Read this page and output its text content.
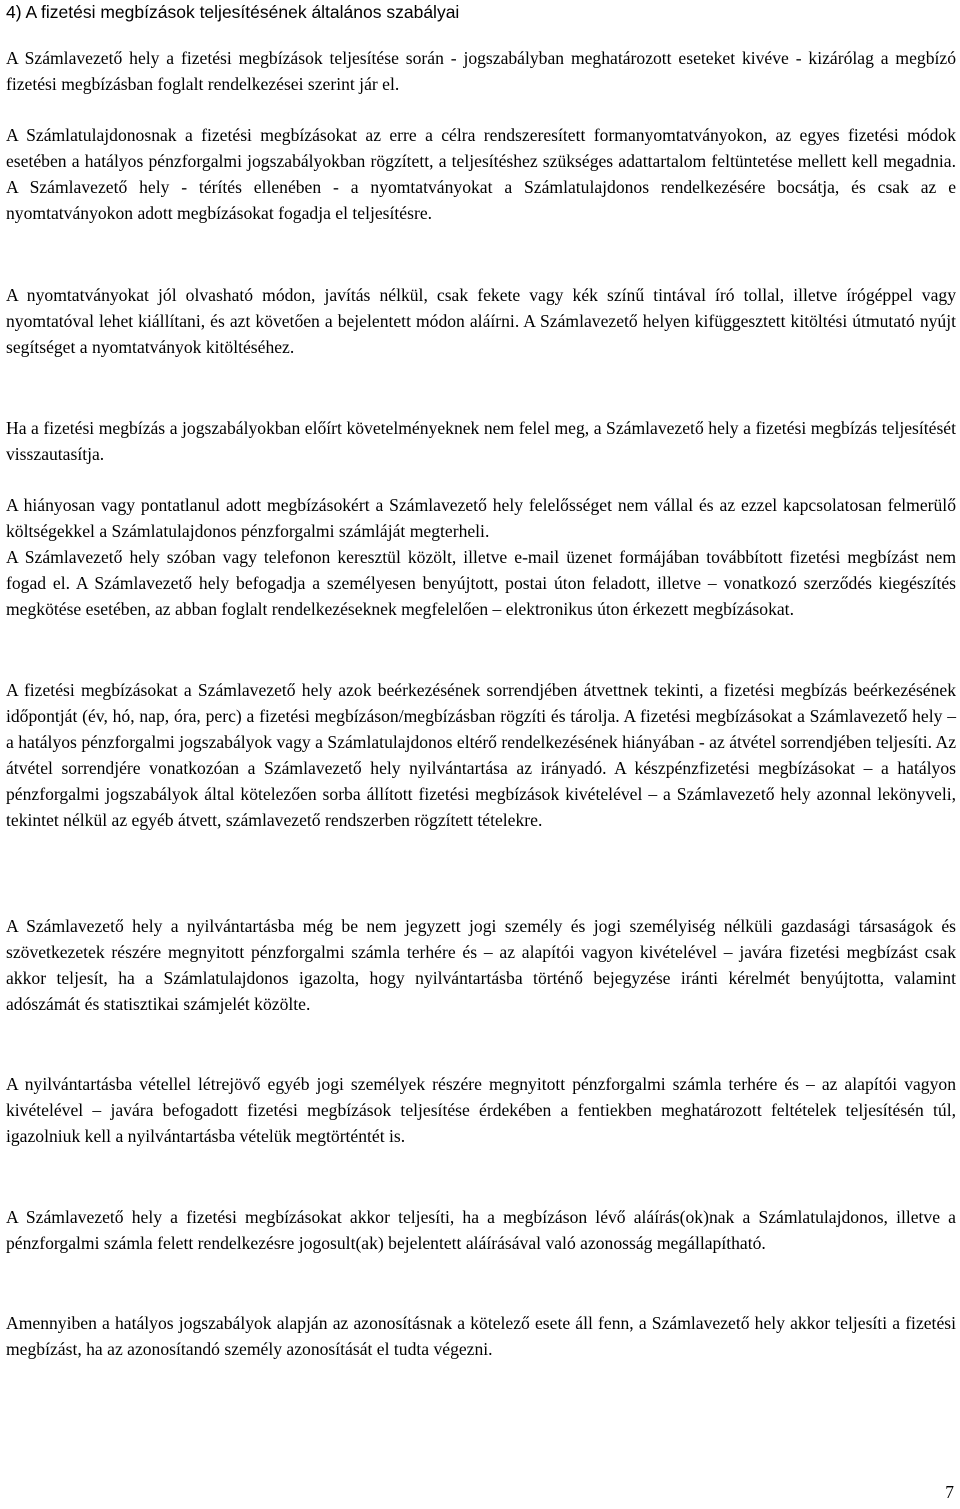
4) A fizetési megbízások teljesítésének általános szabályai

A Számlavezető hely a fizetési megbízások teljesítése során - jogszabályban meghatározott eseteket kivéve - kizárólag a megbízó fizetési megbízásban foglalt rendelkezései szerint jár el.

A Számlatulajdonosnak a fizetési megbízásokat az erre a célra rendszeresített formanyomtatványokon, az egyes fizetési módok esetében a hatályos pénzforgalmi jogszabályokban rögzített, a teljesítéshez szükséges adattartalom feltüntetése mellett kell megadnia. A Számlavezető hely - térítés ellenében - a nyomtatványokat a Számlatulajdonos rendelkezésére bocsátja, és csak az e nyomtatványokon adott megbízásokat fogadja el teljesítésre.

A nyomtatványokat jól olvasható módon, javítás nélkül, csak fekete vagy kék színű tintával író tollal, illetve írógéppel vagy nyomtatóval lehet kiállítani, és azt követően a bejelentett módon aláírni. A Számlavezető helyen kifüggesztett kitöltési útmutató nyújt segítséget a nyomtatványok kitöltéséhez.

Ha a fizetési megbízás a jogszabályokban előírt követelményeknek nem felel meg, a Számlavezető hely a fizetési megbízás teljesítését visszautasítja.

A hiányosan vagy pontatlanul adott megbízásokért a Számlavezető hely felelősséget nem vállal és az ezzel kapcsolatosan felmerülő költségekkel a Számlatulajdonos pénzforgalmi számláját megterheli.

A Számlavezető hely szóban vagy telefonon keresztül közölt, illetve e-mail üzenet formájában továbbított fizetési megbízást nem fogad el. A Számlavezető hely befogadja a személyesen benyújtott, postai úton feladott, illetve – vonatkozó szerződés kiegészítés megkötése esetében, az abban foglalt rendelkezéseknek megfelelően – elektronikus úton érkezett megbízásokat.

A fizetési megbízásokat a Számlavezető hely azok beérkezésének sorrendjében átvettnek tekinti, a fizetési megbízás beérkezésének időpontját (év, hó, nap, óra, perc) a fizetési megbízáson/megbízásban rögzíti és tárolja. A fizetési megbízásokat a Számlavezető hely – a hatályos pénzforgalmi jogszabályok vagy a Számlatulajdonos eltérő rendelkezésének hiányában - az átvétel sorrendjében teljesíti. Az átvétel sorrendjére vonatkozóan a Számlavezető hely nyilvántartása az irányadó. A készpénzfizetési megbízásokat – a hatályos pénzforgalmi jogszabályok által kötelezően sorba állított fizetési megbízások kivételével – a Számlavezető hely azonnal lekönyveli, tekintet nélkül az egyéb átvett, számlavezető rendszerben rögzített tételekre.

A Számlavezető hely a nyilvántartásba még be nem jegyzett jogi személy és jogi személyiség nélküli gazdasági társaságok és szövetkezetek részére megnyitott pénzforgalmi számla terhére és – az alapítói vagyon kivételével – javára fizetési megbízást csak akkor teljesít, ha a Számlatulajdonos igazolta, hogy nyilvántartásba történő bejegyzése iránti kérelmét benyújtotta, valamint adószámát és statisztikai számjelét közölte.

A nyilvántartásba vétellel létrejövő egyéb jogi személyek részére megnyitott pénzforgalmi számla terhére és – az alapítói vagyon kivételével – javára befogadott fizetési megbízások teljesítése érdekében a fentiekben meghatározott feltételek teljesítésén túl, igazolniuk kell a nyilvántartásba vételük megtörténtét is.

A Számlavezető hely a fizetési megbízásokat akkor teljesíti, ha a megbízáson lévő aláírás(ok)nak a Számlatulajdonos, illetve a pénzforgalmi számla felett rendelkezésre jogosult(ak) bejelentett aláírásával való azonosság megállapítható.

Amennyiben a hatályos jogszabályok alapján az azonosításnak a kötelező esete áll fenn, a Számlavezető hely akkor teljesíti a fizetési megbízást, ha az azonosítandó személy azonosítását el tudta végezni.

7
